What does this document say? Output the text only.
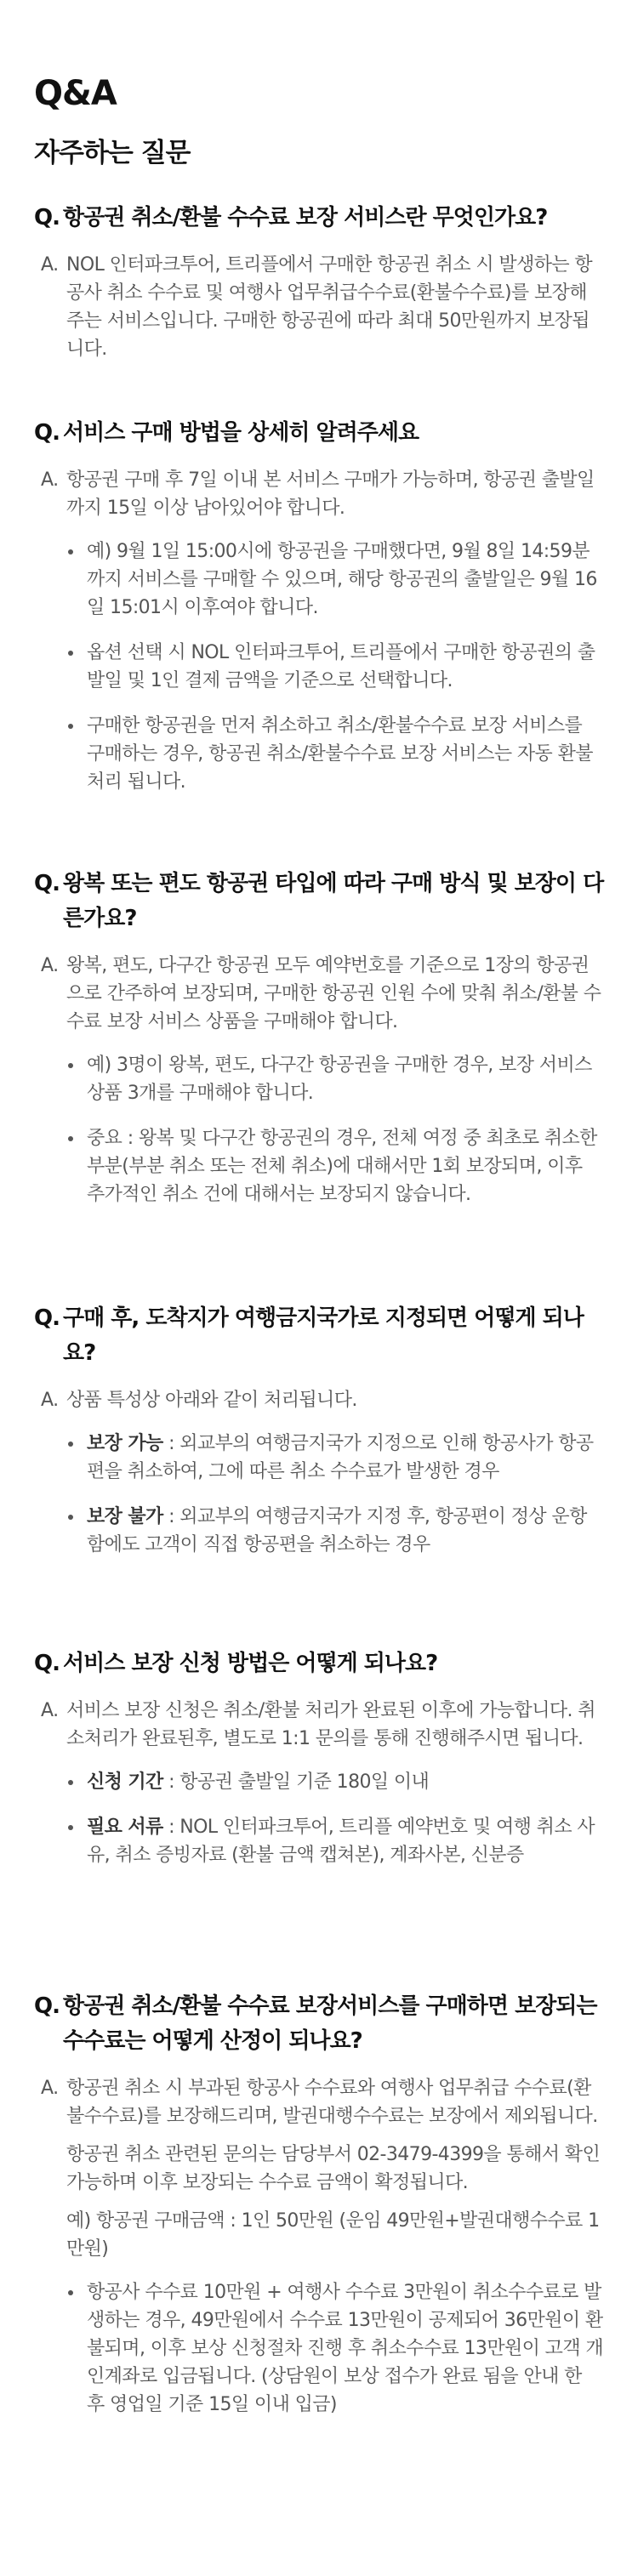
Q&A
자주하는 질문
Q. 항공권 취소/환불 수수료 보장 서비스란 무엇인가요?
A. NOL 인터파크투어, 트리플에서 구매한 항공권 취소 시 발생하는 항공사 취소 수수료 및 여행사 업무취급수수료(환불수수료)를 보장해주는 서비스입니다. 구매한 항공권에 따라 최대 50만원까지 보장됩니다.

Q. 서비스 구매 방법을 상세히 알려주세요
A. 항공권 구매 후 7일 이내 본 서비스 구매가 가능하며, 항공권 출발일까지 15일 이상 남아있어야 합니다.

예) 9월 1일 15:00시에 항공권을 구매했다면, 9월 8일 14:59분까지 서비스를 구매할 수 있으며, 해당 항공권의 출발일은 9월 16일 15:01시 이후여야 합니다.
옵션 선택 시 NOL 인터파크투어, 트리플에서 구매한 항공권의 출발일 및 1인 결제 금액을 기준으로 선택합니다.
구매한 항공권을 먼저 취소하고 취소/환불수수료 보장 서비스를 구매하는 경우, 항공권 취소/환불수수료 보장 서비스는 자동 환불처리 됩니다.
Q. 왕복 또는 편도 항공권 타입에 따라 구매 방식 및 보장이 다른가요?
A. 왕복, 편도, 다구간 항공권 모두 예약번호를 기준으로 1장의 항공권으로 간주하여 보장되며, 구매한 항공권 인원 수에 맞춰 취소/환불 수수료 보장 서비스 상품을 구매해야 합니다.

예) 3명이 왕복, 편도, 다구간 항공권을 구매한 경우, 보장 서비스 상품 3개를 구매해야 합니다.
중요 : 왕복 및 다구간 항공권의 경우, 전체 여정 중 최초로 취소한 부분(부분 취소 또는 전체 취소)에 대해서만 1회 보장되며, 이후 추가적인 취소 건에 대해서는 보장되지 않습니다.
Q. 구매 후, 도착지가 여행금지국가로 지정되면 어떻게 되나요?
A. 상품 특성상 아래와 같이 처리됩니다.

보장 가능 : 외교부의 여행금지국가 지정으로 인해 항공사가 항공편을 취소하여, 그에 따른 취소 수수료가 발생한 경우
보장 불가 : 외교부의 여행금지국가 지정 후, 항공편이 정상 운항함에도 고객이 직접 항공편을 취소하는 경우
Q. 서비스 보장 신청 방법은 어떻게 되나요?
A. 서비스 보장 신청은 취소/환불 처리가 완료된 이후에 가능합니다. 취소처리가 완료된후, 별도로 1:1 문의를 통해 진행해주시면 됩니다.

신청 기간 : 항공권 출발일 기준 180일 이내
필요 서류 : NOL 인터파크투어, 트리플 예약번호 및 여행 취소 사유, 취소 증빙자료 (환불 금액 캡쳐본), 계좌사본, 신분증
Q. 항공권 취소/환불 수수료 보장서비스를 구매하면 보장되는 수수료는 어떻게 산정이 되나요?
A. 항공권 취소 시 부과된 항공사 수수료와 여행사 업무취급 수수료(환불수수료)를 보장해드리며, 발권대행수수료는 보장에서 제외됩니다.

항공권 취소 관련된 문의는 담당부서 02-3479-4399을 통해서 확인 가능하며 이후 보장되는 수수료 금액이 확정됩니다.

예) 항공권 구매금액 : 1인 50만원 (운임 49만원+발권대행수수료 1만원)

항공사 수수료 10만원 + 여행사 수수료 3만원이 취소수수료로 발생하는 경우, 49만원에서 수수료 13만원이 공제되어 36만원이 환불되며, 이후 보상 신청절차 진행 후 취소수수료 13만원이 고객 개인계좌로 입금됩니다. (상담원이 보상 접수가 완료 됨을 안내 한 후 영업일 기준 15일 이내 입금)
